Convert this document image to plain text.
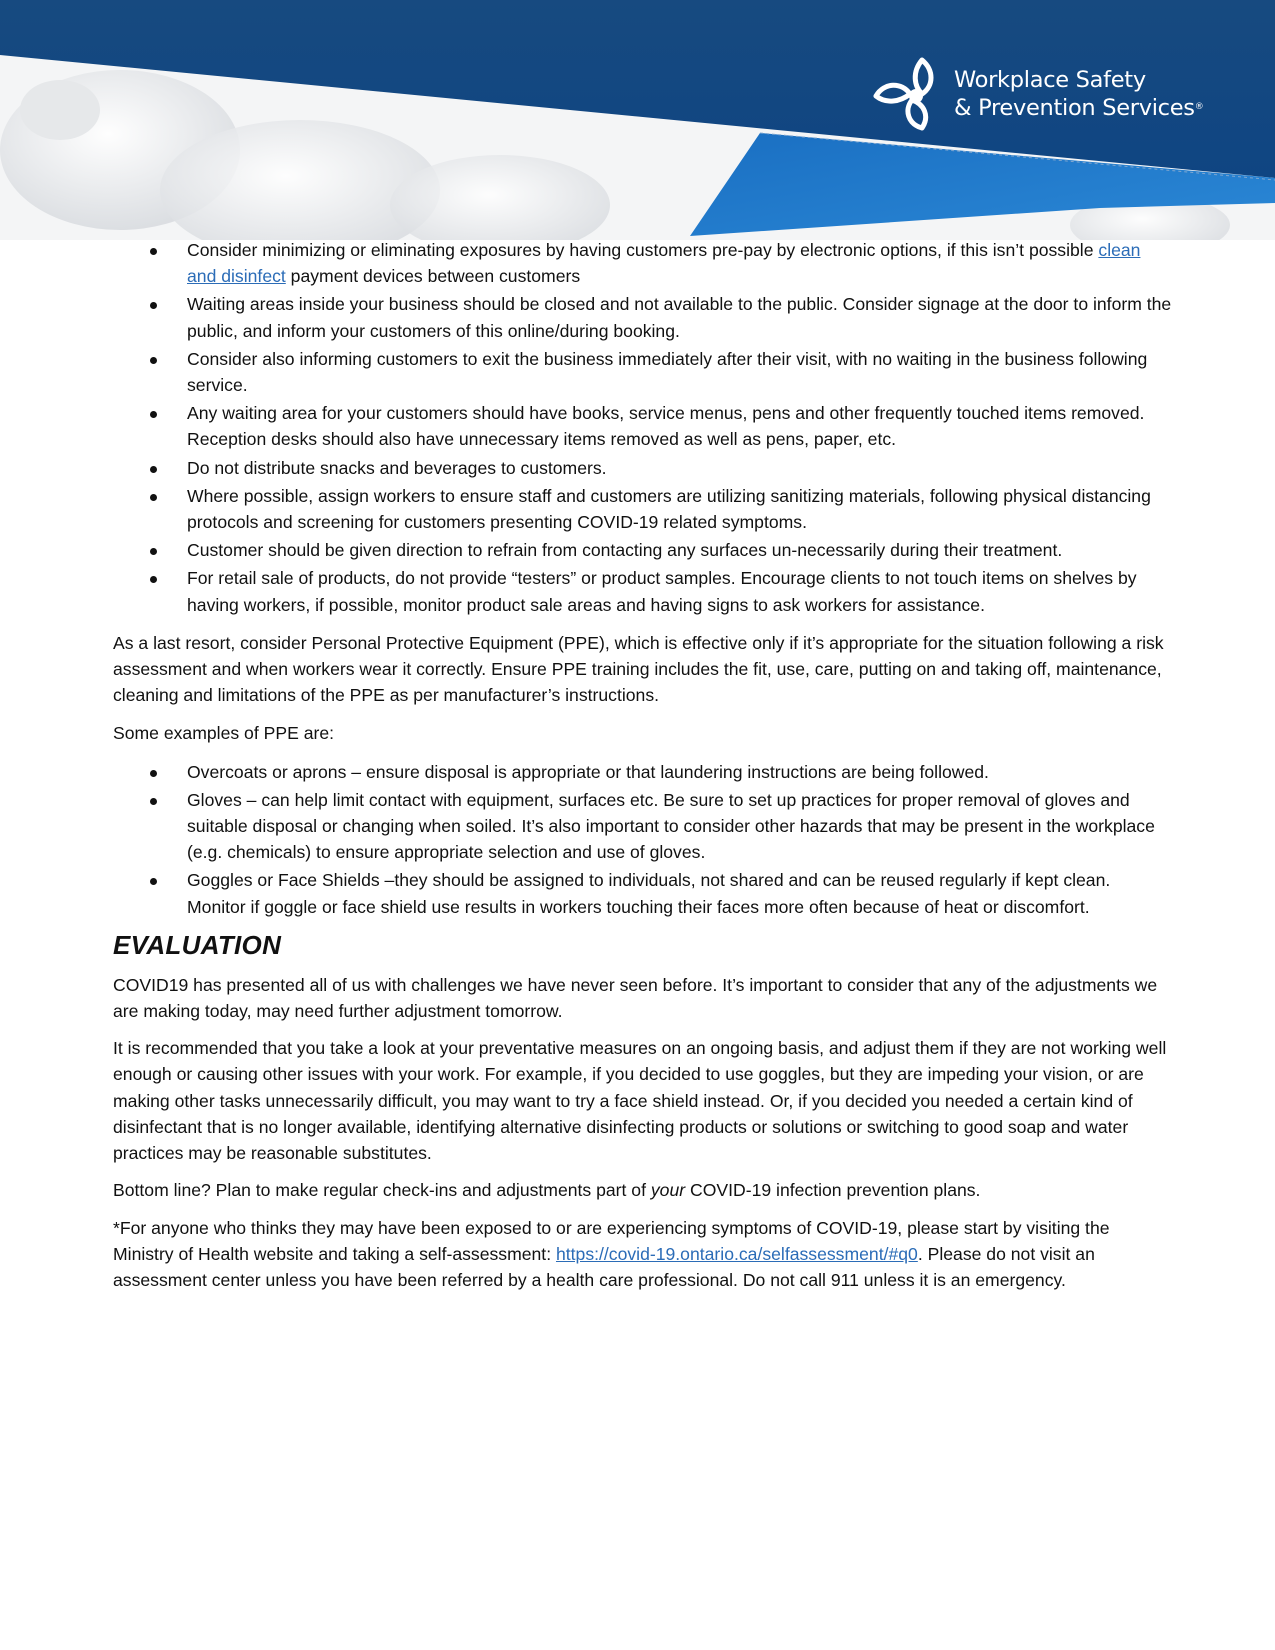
Workplace Safety
& Prevention Services®
Consider minimizing or eliminating exposures by having customers pre-pay by electronic options, if this isn’t possible clean and disinfect payment devices between customers
Waiting areas inside your business should be closed and not available to the public. Consider signage at the door to inform the public, and inform your customers of this online/during booking.
Consider also informing customers to exit the business immediately after their visit, with no waiting in the business following service.
Any waiting area for your customers should have books, service menus, pens and other frequently touched items removed. Reception desks should also have unnecessary items removed as well as pens, paper, etc.
Do not distribute snacks and beverages to customers.
Where possible, assign workers to ensure staff and customers are utilizing sanitizing materials, following physical distancing protocols and screening for customers presenting COVID-19 related symptoms.
Customer should be given direction to refrain from contacting any surfaces un-necessarily during their treatment.
For retail sale of products, do not provide “testers” or product samples. Encourage clients to not touch items on shelves by having workers, if possible, monitor product sale areas and having signs to ask workers for assistance.

As a last resort, consider Personal Protective Equipment (PPE), which is effective only if it’s appropriate for the situation following a risk assessment and when workers wear it correctly. Ensure PPE training includes the fit, use, care, putting on and taking off, maintenance, cleaning and limitations of the PPE as per manufacturer’s instructions.

Some examples of PPE are:

Overcoats or aprons – ensure disposal is appropriate or that laundering instructions are being followed.
Gloves – can help limit contact with equipment, surfaces etc. Be sure to set up practices for proper removal of gloves and suitable disposal or changing when soiled. It’s also important to consider other hazards that may be present in the workplace (e.g. chemicals) to ensure appropriate selection and use of gloves.
Goggles or Face Shields –they should be assigned to individuals, not shared and can be reused regularly if kept clean. Monitor if goggle or face shield use results in workers touching their faces more often because of heat or discomfort.
EVALUATION

COVID19 has presented all of us with challenges we have never seen before. It’s important to consider that any of the adjustments we are making today, may need further adjustment tomorrow.

It is recommended that you take a look at your preventative measures on an ongoing basis, and adjust them if they are not working well enough or causing other issues with your work. For example, if you decided to use goggles, but they are impeding your vision, or are making other tasks unnecessarily difficult, you may want to try a face shield instead. Or, if you decided you needed a certain kind of disinfectant that is no longer available, identifying alternative disinfecting products or solutions or switching to good soap and water practices may be reasonable substitutes.

Bottom line? Plan to make regular check-ins and adjustments part of your COVID-19 infection prevention plans.

*For anyone who thinks they may have been exposed to or are experiencing symptoms of COVID-19, please start by visiting the Ministry of Health website and taking a self-assessment: https://covid-19.ontario.ca/selfassessment/#q0. Please do not visit an assessment center unless you have been referred by a health care professional. Do not call 911 unless it is an emergency.
